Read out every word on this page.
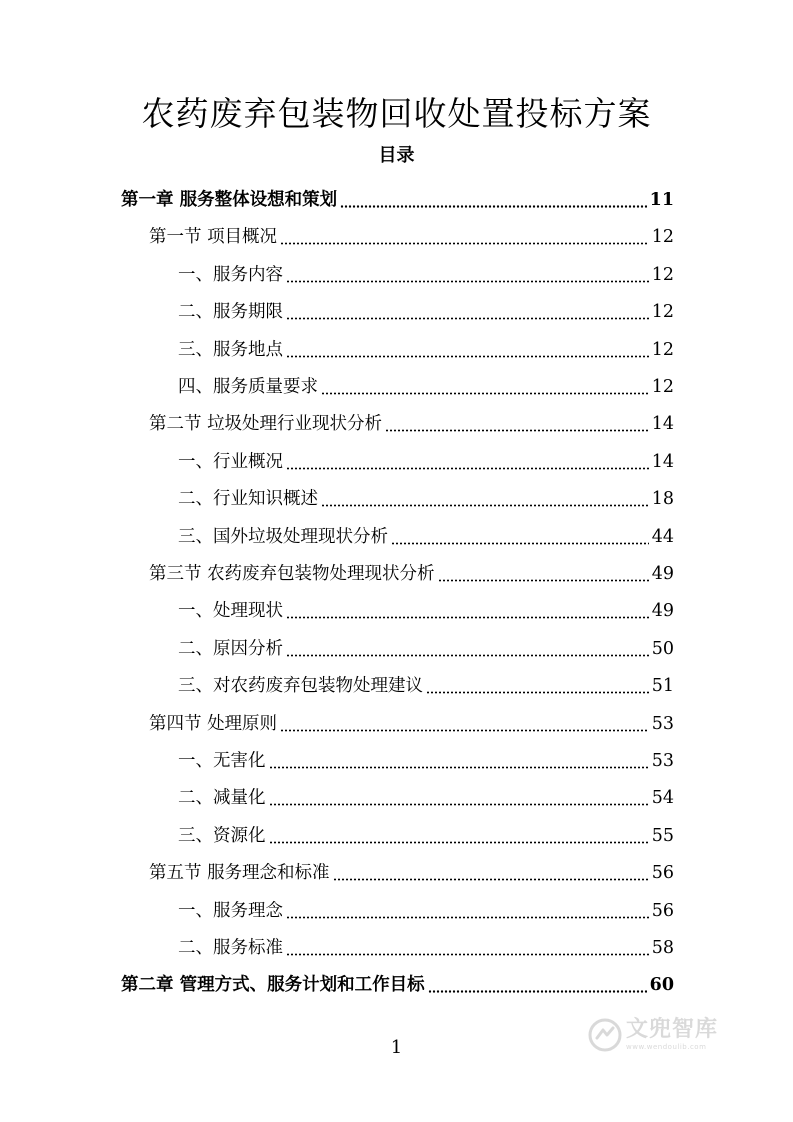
农药废弃包装物回收处置投标方案
目录
第一章 服务整体设想和策划	11
第一节 项目概况	12
一、服务内容	12
二、服务期限	12
三、服务地点	12
四、服务质量要求	12
第二节 垃圾处理行业现状分析	14
一、行业概况	14
二、行业知识概述	18
三、国外垃圾处理现状分析	44
第三节 农药废弃包装物处理现状分析	49
一、处理现状	49
二、原因分析	50
三、对农药废弃包装物处理建议	51
第四节 处理原则	53
一、无害化	53
二、减量化	54
三、资源化	55
第五节 服务理念和标准	56
一、服务理念	56
二、服务标准	58
第二章 管理方式、服务计划和工作目标	60
1
文兜智库
www.wendoulib.com
